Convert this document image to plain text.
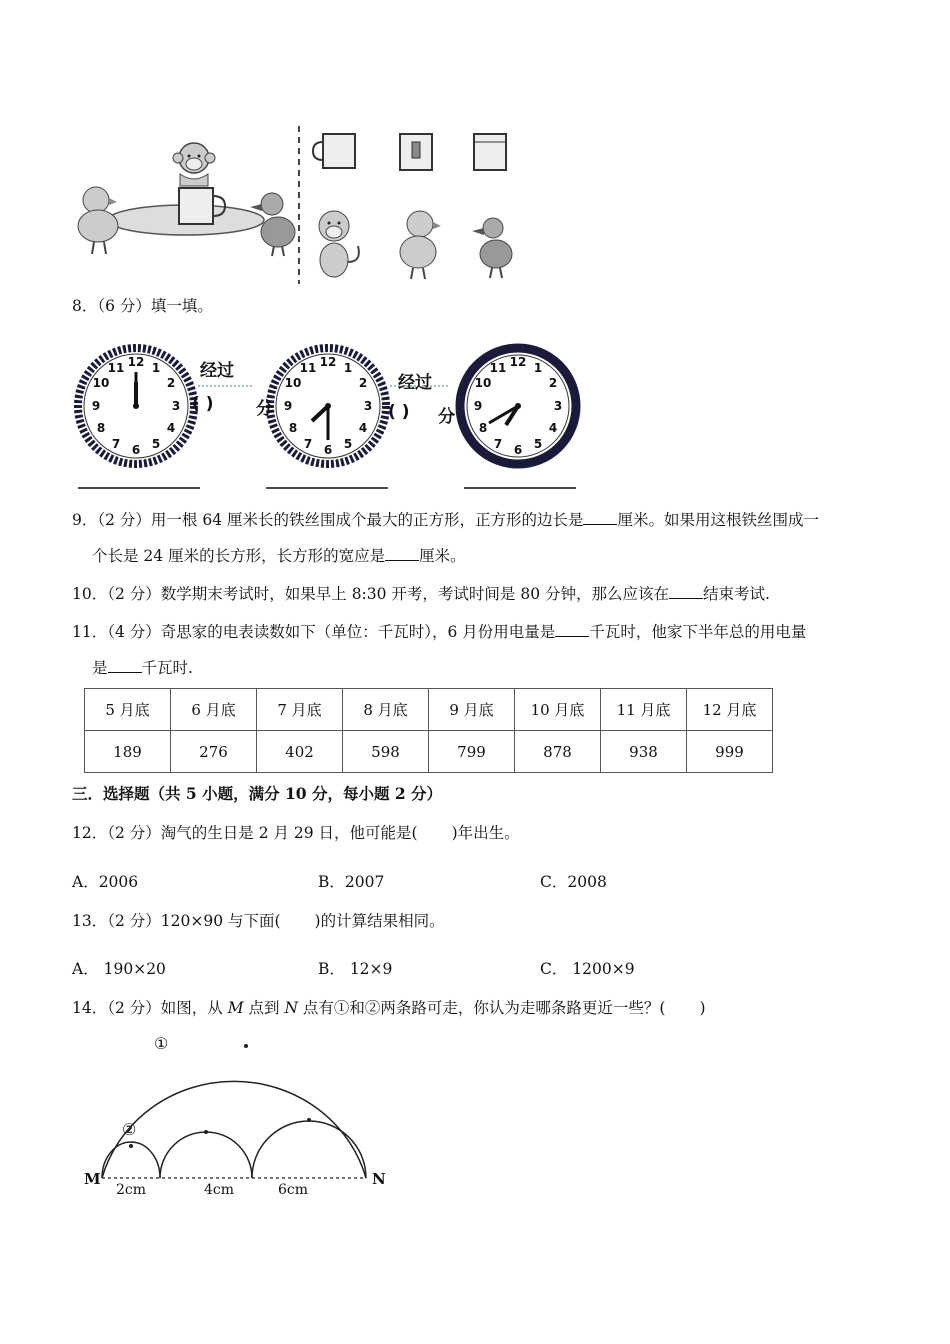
8．（6 分）填一填。
3
经过
( )	分
经过
( ) 分
9．（2 分）用一根 64 厘米长的铁丝围成个最大的正方形，正方形的边长是 厘米。如果用这根铁丝围成一
个长是 24 厘米的长方形，长方形的宽应是 厘米。
10．（2 分）数学期末考试时，如果早上 8:30 开考，考试时间是 80 分钟，那么应该在 结束考试.
11．（4 分）奇思家的电表读数如下（单位：千瓦时），6 月份用电量是 千瓦时，他家下半年总的用电量
是 千瓦时.
5 月底	6 月底	7 月底	8 月底	9 月底	10 月底	11 月底	12 月底
189	276	402	598	799	878	938	999
三．选择题（共 5 小题，满分 10 分，每小题 2 分）
12．（2 分）淘气的生日是 2 月 29 日，他可能是( )年出生。
A．2006	B．2007	C．2008
13．（2 分）120×90 与下面( )的计算结果相同。
A． 190×20	B． 12×9	C． 1200×9
14．（2 分）如图，从 M 点到 N 点有①和②两条路可走，你认为走哪条路更近一些？( )
①
②
M	N
2cm	4cm	6cm
